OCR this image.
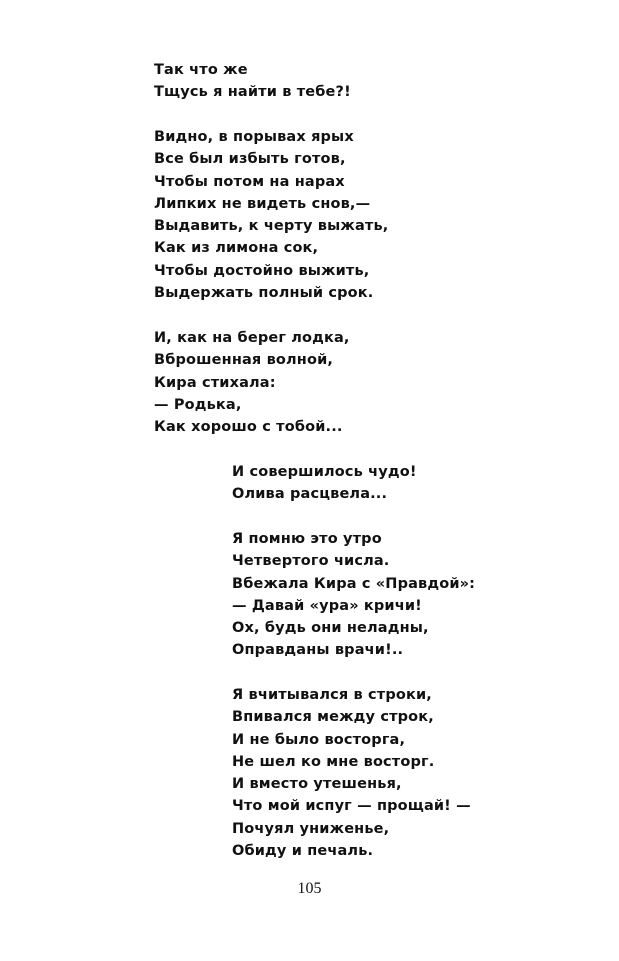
Так что же
Тщусь я найти в тебе?!
Видно, в порывах ярых
Все был избыть готов,
Чтобы потом на нарах
Липких не видеть снов,—
Выдавить, к черту выжать,
Как из лимона сок,
Чтобы достойно выжить,
Выдержать полный срок.
И, как на берег лодка,
Вброшенная волной,
Кира стихала:
— Родька,
Как хорошо с тобой...
И совершилось чудо!
Олива расцвела...
Я помню это утро
Четвертого числа.
Вбежала Кира с «Правдой»:
— Давай «ура» кричи!
Ох, будь они неладны,
Оправданы врачи!..
Я вчитывался в строки,
Впивался между строк,
И не было восторга,
Не шел ко мне восторг.
И вместо утешенья,
Что мой испуг — прощай! —
Почуял униженье,
Обиду и печаль.
105
